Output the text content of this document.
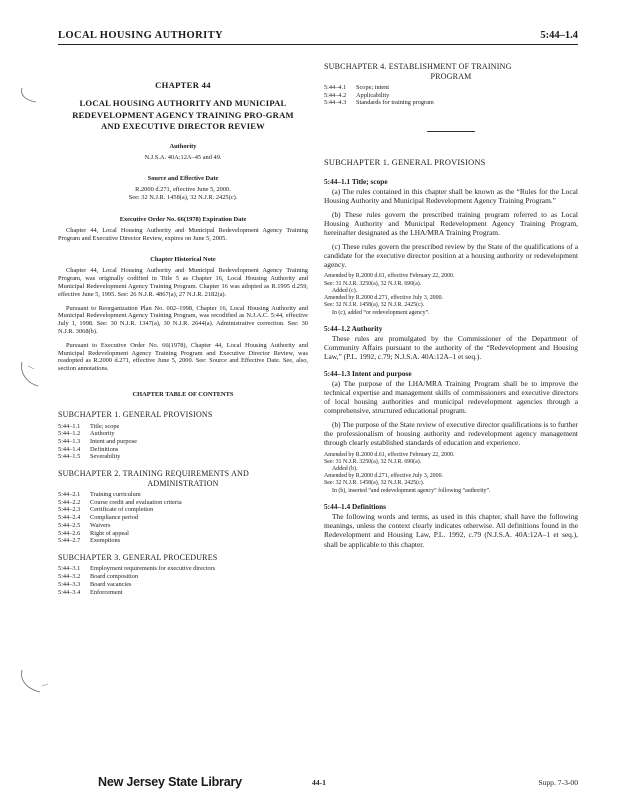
LOCAL HOUSING AUTHORITY	5:44–1.4
CHAPTER 44
LOCAL HOUSING AUTHORITY AND MUNICIPAL REDEVELOPMENT AGENCY TRAINING PRO-GRAM AND EXECUTIVE DIRECTOR REVIEW
Authority
N.J.S.A. 40A:12A–45 and 49.
Source and Effective Date
R.2000 d.271, effective June 5, 2000.
See: 32 N.J.R. 1458(a), 32 N.J.R. 2425(c).
Executive Order No. 66(1978) Expiration Date

Chapter 44, Local Housing Authority and Municipal Redevelopment Agency Training Program and Executive Director Review, expires on June 5, 2005.

Chapter Historical Note

Chapter 44, Local Housing Authority and Municipal Redevelopment Agency Training Program, was originally codified in Title 5 as Chapter 16, Local Housing Authority and Municipal Redevelopment Agency Training Program. Chapter 16 was adopted as R.1995 d.259, effective June 5, 1995. See: 26 N.J.R. 4867(a), 27 N.J.R. 2182(a).

Pursuant to Reorganization Plan No. 002–1998, Chapter 16, Local Housing Authority and Municipal Redevelopment Agency Training Program, was recodified as N.J.A.C. 5:44, effective July 1, 1998. See: 30 N.J.R. 1347(a), 30 N.J.R. 2644(a). Administrative correction. See: 30 N.J.R. 3068(b).

Pursuant to Executive Order No. 66(1978), Chapter 44, Local Housing Authority and Municipal Redevelopment Agency Training Program and Executive Director Review, was readopted as R.2000 d.271, effective June 5, 2000. See: Source and Effective Date. See, also, section annotations.

CHAPTER TABLE OF CONTENTS
SUBCHAPTER 1. GENERAL PROVISIONS
5:44–1.1	Title; scope
5:44–1.2	Authority
5:44–1.3	Intent and purpose
5:44–1.4	Definitions
5:44–1.5	Severability
SUBCHAPTER 2. TRAINING REQUIREMENTS AND
ADMINISTRATION
5:44–2.1	Training curriculum
5:44–2.2	Course credit and evaluation criteria
5:44–2.3	Certificate of completion
5:44–2.4	Compliance period
5:44–2.5	Waivers
5:44–2.6	Right of appeal
5:44–2.7	Exemptions
SUBCHAPTER 3. GENERAL PROCEDURES
5:44–3.1	Employment requirements for executive directors
5:44–3.2	Board composition
5:44–3.3	Board vacancies
5:44–3.4	Enforcement
SUBCHAPTER 4. ESTABLISHMENT OF TRAINING
PROGRAM
5:44–4.1	Scope; intent
5:44–4.2	Applicability
5:44–4.3	Standards for training program
SUBCHAPTER 1. GENERAL PROVISIONS
5:44–1.1 Title; scope

(a) The rules contained in this chapter shall be known as the “Rules for the Local Housing Authority and Municipal Redevelopment Agency Training Program.”

(b) These rules govern the prescribed training program referred to as Local Housing Authority and Municipal Redevelopment Agency Training Program, hereinafter designated as the LHA/MRA Training Program.

(c) These rules govern the prescribed review by the State of the qualifications of a candidate for the executive director position at a housing authority or redevelopment agency.

Amended by R.2000 d.61, effective February 22, 2000.
See: 31 N.J.R. 3250(a), 32 N.J.R. 690(a).
Added (c).
Amended by R.2000 d.271, effective July 3, 2000.
See: 32 N.J.R. 1458(a), 32 N.J.R. 2425(c).
In (c), added “or redevelopment agency”.
5:44–1.2 Authority

These rules are promulgated by the Commissioner of the Department of Community Affairs pursuant to the authority of the “Redevelopment and Housing Law,” (P.L. 1992, c.79; N.J.S.A. 40A:12A–1 et seq.).

5:44–1.3 Intent and purpose

(a) The purpose of the LHA/MRA Training Program shall be to improve the technical expertise and management skills of commissioners and executive directors of local housing authorities and municipal redevelopment agencies through a comprehensive, structured educational program.

(b) The purpose of the State review of executive director qualifications is to further the professionalism of housing authority and redevelopment agency management through clearly established standards of education and experience.

Amended by R.2000 d.61, effective February 22, 2000.
See: 31 N.J.R. 3250(a), 32 N.J.R. 690(a).
Added (b).
Amended by R.2000 d.271, effective July 3, 2000.
See: 32 N.J.R. 1458(a), 32 N.J.R. 2425(c).
In (b), inserted “and redevelopment agency” following “authority”.
5:44–1.4 Definitions

The following words and terms, as used in this chapter, shall have the following meanings, unless the context clearly indicates otherwise. All definitions found in the Redevelopment and Housing Law, P.L. 1992, c.79 (N.J.S.A. 40A:12A–1 et seq.), shall be applicable to this chapter.

New Jersey State Library	44-1	Supp. 7-3-00
